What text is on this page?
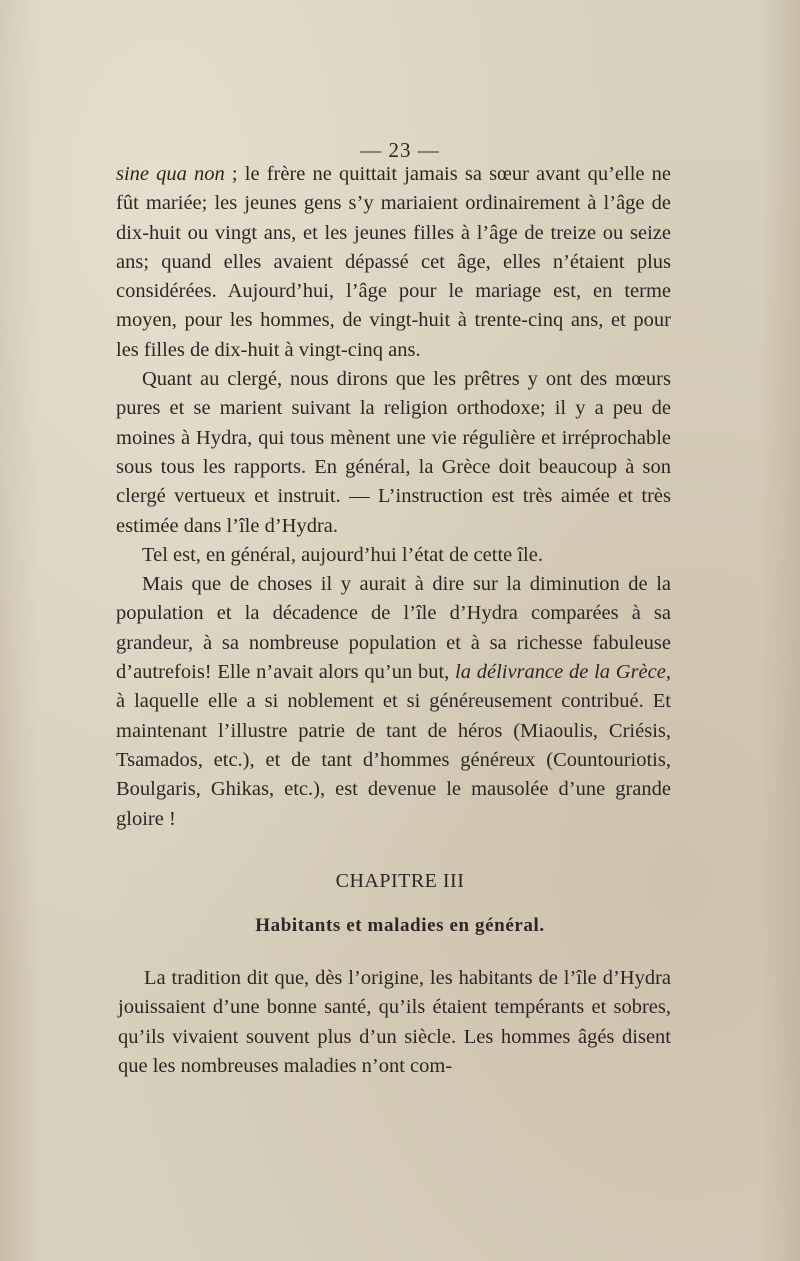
— 23 —

sine qua non ; le frère ne quittait jamais sa sœur avant qu’elle ne fût mariée; les jeunes gens s’y mariaient ordinairement à l’âge de dix-huit ou vingt ans, et les jeunes filles à l’âge de treize ou seize ans; quand elles avaient dépassé cet âge, elles n’étaient plus considérées. Aujourd’hui, l’âge pour le mariage est, en terme moyen, pour les hommes, de vingt-huit à trente-cinq ans, et pour les filles de dix-huit à vingt-cinq ans.

Quant au clergé, nous dirons que les prêtres y ont des mœurs pures et se marient suivant la religion orthodoxe; il y a peu de moines à Hydra, qui tous mènent une vie régulière et irréprochable sous tous les rapports. En général, la Grèce doit beaucoup à son clergé vertueux et instruit. — L’instruction est très aimée et très estimée dans l’île d’Hydra.

Tel est, en général, aujourd’hui l’état de cette île.

Mais que de choses il y aurait à dire sur la diminution de la population et la décadence de l’île d’Hydra comparées à sa grandeur, à sa nombreuse population et à sa richesse fabuleuse d’autrefois! Elle n’avait alors qu’un but, la délivrance de la Grèce, à laquelle elle a si noblement et si généreusement contribué. Et maintenant l’illustre patrie de tant de héros (Miaoulis, Criésis, Tsamados, etc.), et de tant d’hommes généreux (Countouriotis, Boulgaris, Ghikas, etc.), est devenue le mausolée d’une grande gloire !

CHAPITRE III
Habitants et maladies en général.

La tradition dit que, dès l’origine, les habitants de l’île d’Hydra jouissaient d’une bonne santé, qu’ils étaient tempérants et sobres, qu’ils vivaient souvent plus d’un siècle. Les hommes âgés disent que les nombreuses maladies n’ont com-
